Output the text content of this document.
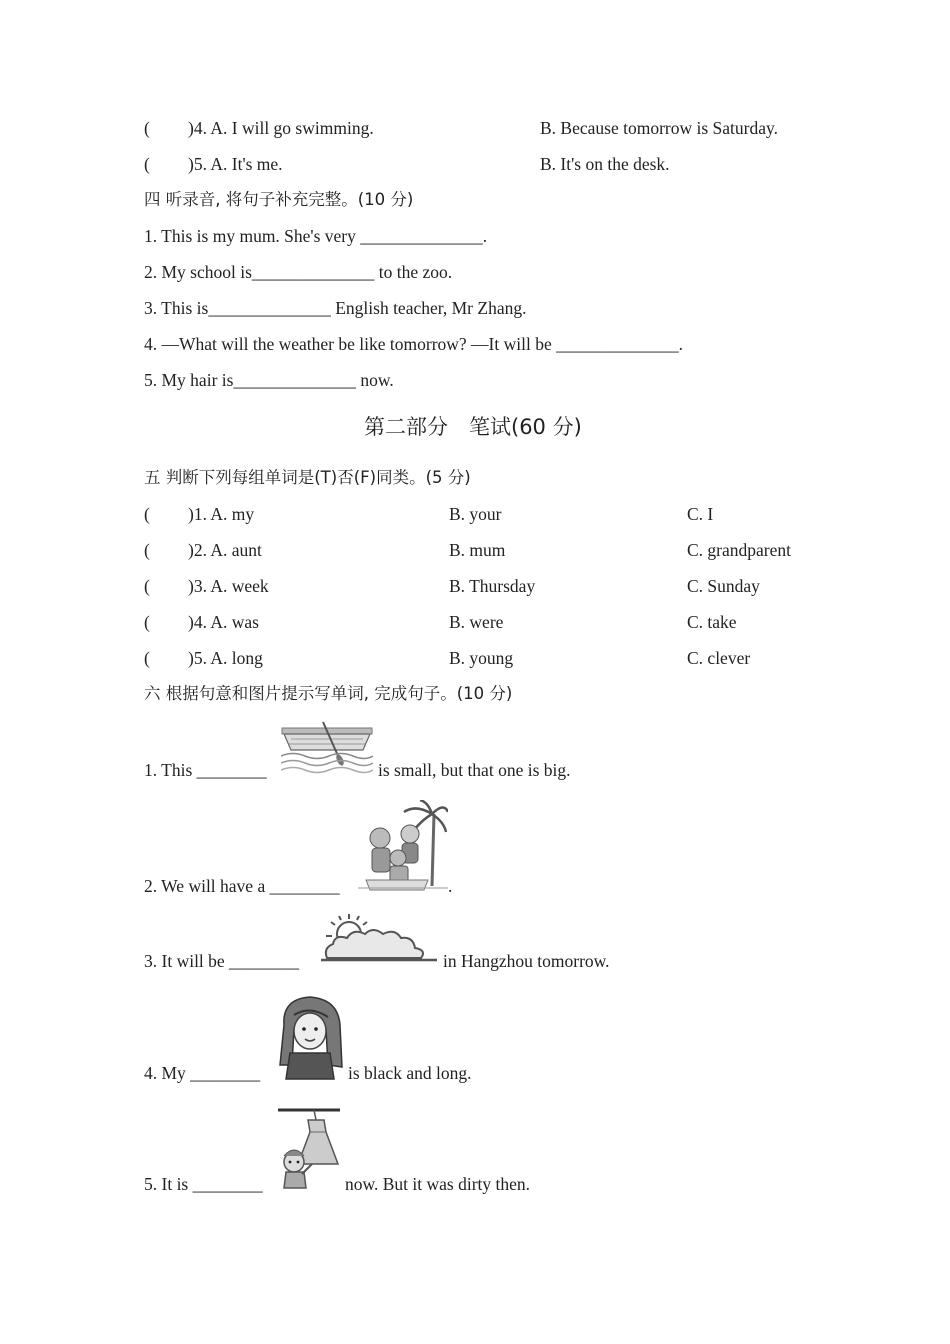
( )4. A. I will go swimming.	B. Because tomorrow is Saturday.
( )5. A. It's me.	B. It's on the desk.
四 听录音, 将句子补充完整。(10 分)
1. This is my mum. She's very ______________.
2. My school is______________ to the zoo.
3. This is______________ English teacher, Mr Zhang.
4. —What will the weather be like tomorrow? —It will be ______________.
5. My hair is______________ now.
第二部分　笔试(60 分)
五 判断下列每组单词是(T)否(F)同类。(5 分)
( )1. A. my	B. your	C. I
( )2. A. aunt	B. mum	C. grandparent
( )3. A. week	B. Thursday	C. Sunday
( )4. A. was	B. were	C. take
( )5. A. long	B. young	C. clever
六 根据句意和图片提示写单词, 完成句子。(10 分)
1. This ________	is small, but that one is big.
2. We will have a ________	.
3. It will be ________	in Hangzhou tomorrow.
4. My ________	is black and long.
5. It is ________	now. But it was dirty then.
